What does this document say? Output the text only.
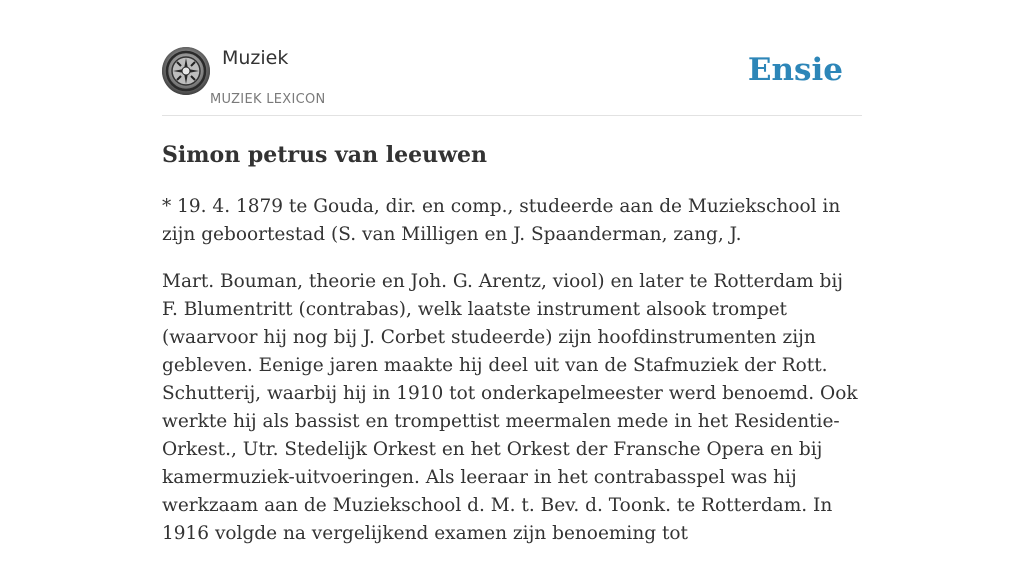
Muziek
MUZIEK LEXICON
Ensie
Simon petrus van leeuwen

* 19. 4. 1879 te Gouda, dir. en comp., studeerde aan de Muziekschool in zijn geboortestad (S. van Milligen en J. Spaanderman, zang, J.

Mart. Bouman, theorie en Joh. G. Arentz, viool) en later te Rotterdam bij F. Blumentritt (contrabas), welk laatste instrument alsook trompet (waarvoor hij nog bij J. Corbet studeerde) zijn hoofdinstrumenten zijn gebleven. Eenige jaren maakte hij deel uit van de Stafmuziek der Rott. Schutterij, waarbij hij in 1910 tot onderkapelmeester werd benoemd. Ook werkte hij als bassist en trompettist meermalen mede in het Residentie-Orkest., Utr. Stedelijk Orkest en het Orkest der Fransche Opera en bij kamermuziek-uitvoeringen. Als leeraar in het contrabasspel was hij werkzaam aan de Muziekschool d. M. t. Bev. d. Toonk. te Rotterdam. In 1916 volgde na vergelijkend examen zijn benoeming tot
